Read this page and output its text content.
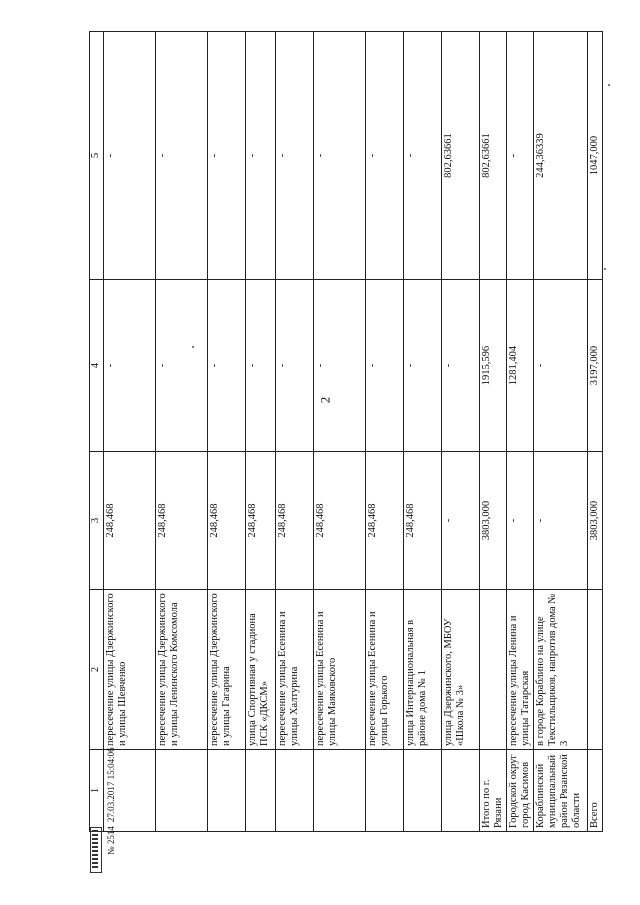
2
1	2	3	4	5
	пересечение улицы Дзержинского и улицы Шевченко	248,468	-	-
	пересечение улицы Дзержинского и улицы Ленинского Комсомола	248,468	-	-
	пересечение улицы Дзержинского и улицы Гагарина	248,468	-	-
	улица Спортивная у стадиона ПСК «ДКСМ»	248,468	-	-
	пересечение улицы Есенина и улицы Халтурина	248,468	-	-
	пересечение улицы Есенина и улицы Маяковского	248,468	-	-
	пересечение улицы Есенина и улицы Горького	248,468	-	-
	улица Интернациональная в районе дома № 1	248,468	-	-
	улица Дзержинского, МБОУ «Школа № 3»	-	-	802,63661
Итого по г. Рязани		3803,000	1915,596	802,63661
Городской округ город Касимов	пересечение улицы Ленина и улицы Татарская	-	1281,404	-
Кораблинский муниципальный район Рязанской области	в городе Кораблино на улице Текстильщиков, напротив дома № 3	-	-	244,36339
Всего		3803,000	3197,000	1047,000
№ 2514
27.03.2017 15:04:06
